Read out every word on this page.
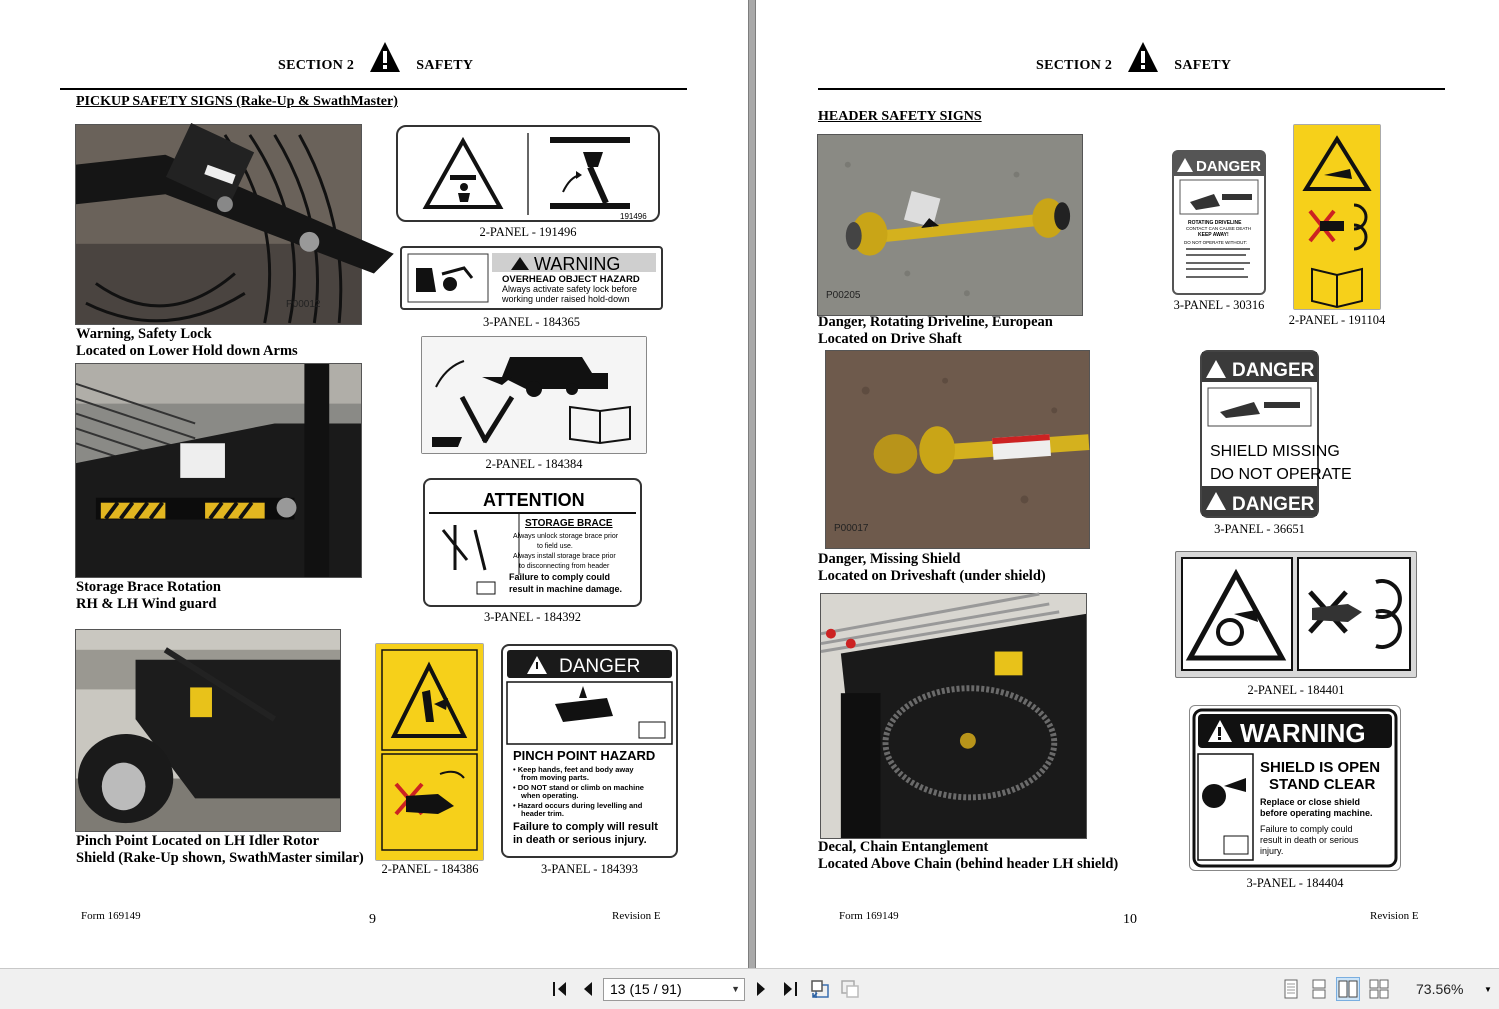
SECTION 2	SAFETY
PICKUP SAFETY SIGNS (Rake-Up & SwathMaster)
P00012
Warning, Safety Lock
Located on Lower Hold down Arms
Storage Brace Rotation
RH & LH Wind guard
Pinch Point Located on LH Idler Rotor
Shield (Rake-Up shown, SwathMaster similar)
191496
2-PANEL - 191496
WARNING
OVERHEAD OBJECT HAZARD
Always activate safety lock before
working under raised hold-down
3-PANEL - 184365
2-PANEL - 184384
ATTENTION
STORAGE BRACE
Always unlock storage brace prior
to field use.
Always install storage brace prior
to disconnecting from header
Failure to comply could
result in machine damage.
3-PANEL - 184392
2-PANEL - 184386
DANGER
PINCH POINT HAZARD
• Keep hands, feet and body away
from moving parts.
• DO NOT stand or climb on machine
when operating.
• Hazard occurs during levelling and
header trim.
Failure to comply will result
in death or serious injury.
3-PANEL - 184393
Form 169149	9	Revision E
SECTION 2	SAFETY
HEADER SAFETY SIGNS
P00205
Danger, Rotating Driveline, European
Located on Drive Shaft
P00017
Danger, Missing Shield
Located on Driveshaft (under shield)
Decal, Chain Entanglement
Located Above Chain (behind header LH shield)
DANGER
ROTATING DRIVELINE
CONTACT CAN CAUSE DEATH
KEEP AWAY!
DO NOT OPERATE WITHOUT:
3-PANEL - 30316
2-PANEL - 191104
DANGER
SHIELD MISSING
DO NOT OPERATE
DANGER
3-PANEL - 36651
2-PANEL - 184401
WARNING
SHIELD IS OPEN
STAND CLEAR
Replace or close shield
before operating machine.
Failure to comply could
result in death or serious
injury.
3-PANEL - 184404
Form 169149	10	Revision E
13 (15 / 91)	▼	73.56%	▼
